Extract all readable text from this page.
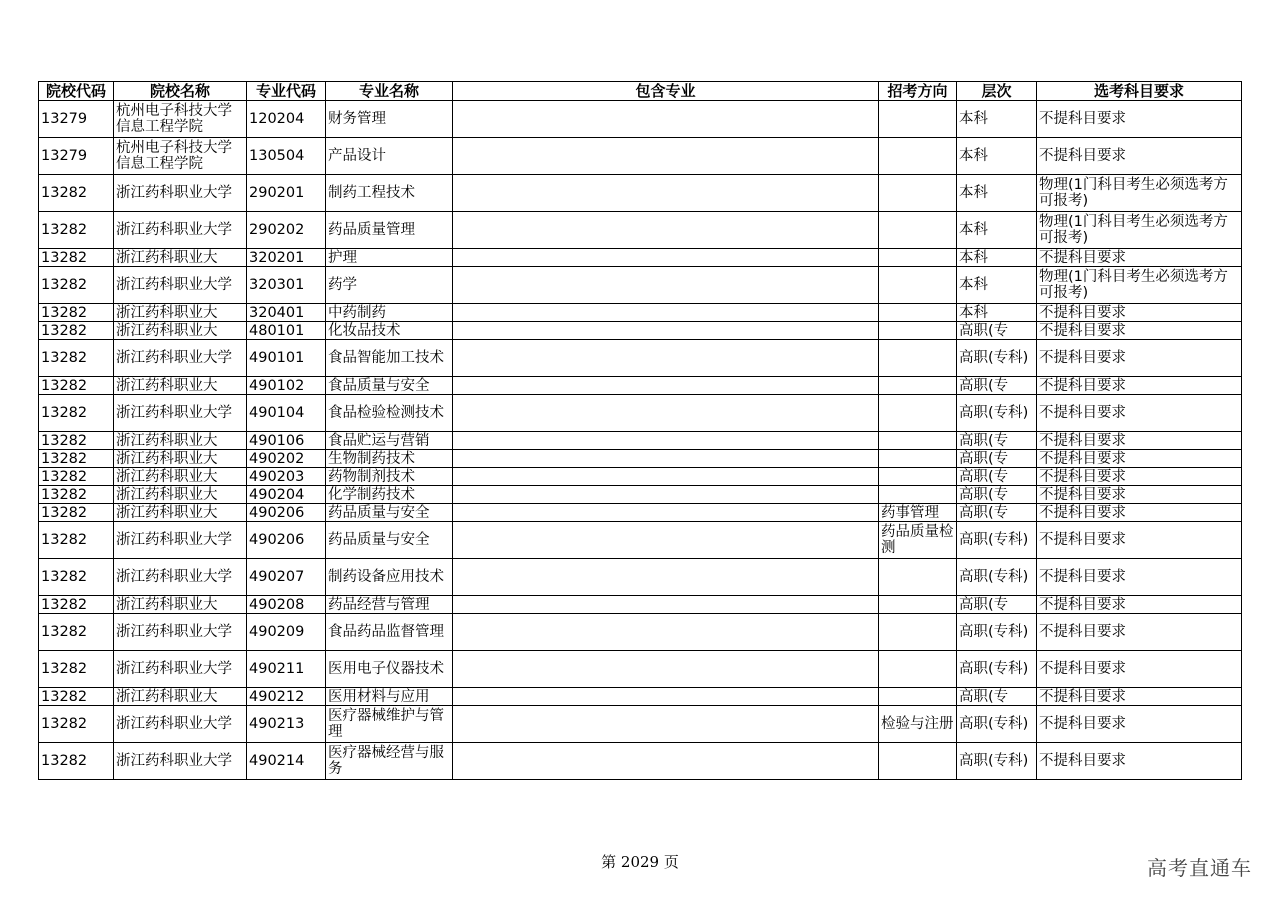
院校代码	院校名称	专业代码	专业名称	包含专业	招考方向	层次	选考科目要求
13279	杭州电子科技大学信息工程学院	120204	财务管理			本科	不提科目要求
13279	杭州电子科技大学信息工程学院	130504	产品设计			本科	不提科目要求
13282	浙江药科职业大学	290201	制药工程技术			本科	物理(1门科目考生必须选考方可报考)
13282	浙江药科职业大学	290202	药品质量管理			本科	物理(1门科目考生必须选考方可报考)
13282	浙江药科职业大	320201	护理			本科	不提科目要求
13282	浙江药科职业大学	320301	药学			本科	物理(1门科目考生必须选考方可报考)
13282	浙江药科职业大	320401	中药制药			本科	不提科目要求
13282	浙江药科职业大	480101	化妆品技术			高职(专	不提科目要求
13282	浙江药科职业大学	490101	食品智能加工技术			高职(专科)	不提科目要求
13282	浙江药科职业大	490102	食品质量与安全			高职(专	不提科目要求
13282	浙江药科职业大学	490104	食品检验检测技术			高职(专科)	不提科目要求
13282	浙江药科职业大	490106	食品贮运与营销			高职(专	不提科目要求
13282	浙江药科职业大	490202	生物制药技术			高职(专	不提科目要求
13282	浙江药科职业大	490203	药物制剂技术			高职(专	不提科目要求
13282	浙江药科职业大	490204	化学制药技术			高职(专	不提科目要求
13282	浙江药科职业大	490206	药品质量与安全		药事管理	高职(专	不提科目要求
13282	浙江药科职业大学	490206	药品质量与安全		药品质量检测	高职(专科)	不提科目要求
13282	浙江药科职业大学	490207	制药设备应用技术			高职(专科)	不提科目要求
13282	浙江药科职业大	490208	药品经营与管理			高职(专	不提科目要求
13282	浙江药科职业大学	490209	食品药品监督管理			高职(专科)	不提科目要求
13282	浙江药科职业大学	490211	医用电子仪器技术			高职(专科)	不提科目要求
13282	浙江药科职业大	490212	医用材料与应用			高职(专	不提科目要求
13282	浙江药科职业大学	490213	医疗器械维护与管理		检验与注册	高职(专科)	不提科目要求
13282	浙江药科职业大学	490214	医疗器械经营与服务			高职(专科)	不提科目要求
第 2029 页	高考直通车
